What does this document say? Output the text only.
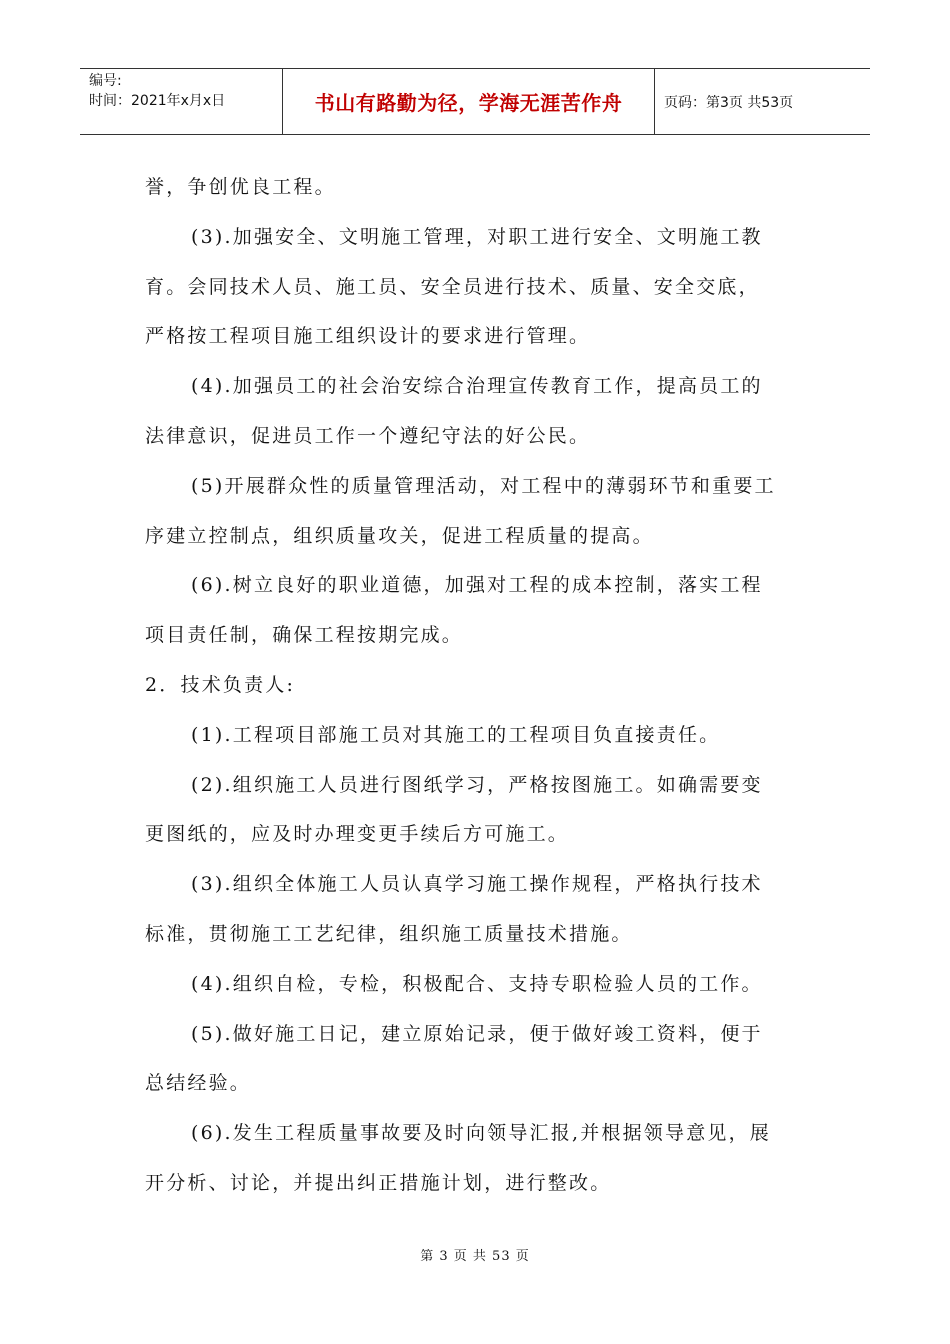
编号:
时间：2021年x月x日	书山有路勤为径，学海无涯苦作舟	页码：第3页 共53页
誉，争创优良工程。
(3).加强安全、文明施工管理，对职工进行安全、文明施工教
育。会同技术人员、施工员、安全员进行技术、质量、安全交底，
严格按工程项目施工组织设计的要求进行管理。
(4).加强员工的社会治安综合治理宣传教育工作，提高员工的
法律意识，促进员工作一个遵纪守法的好公民。
(5)开展群众性的质量管理活动，对工程中的薄弱环节和重要工
序建立控制点，组织质量攻关，促进工程质量的提高。
(6).树立良好的职业道德，加强对工程的成本控制，落实工程
项目责任制，确保工程按期完成。
2．技术负责人:
(1).工程项目部施工员对其施工的工程项目负直接责任。
(2).组织施工人员进行图纸学习，严格按图施工。如确需要变
更图纸的，应及时办理变更手续后方可施工。
(3).组织全体施工人员认真学习施工操作规程，严格执行技术
标准，贯彻施工工艺纪律，组织施工质量技术措施。
(4).组织自检，专检，积极配合、支持专职检验人员的工作。
(5).做好施工日记，建立原始记录，便于做好竣工资料，便于
总结经验。
(6).发生工程质量事故要及时向领导汇报,并根据领导意见，展
开分析、讨论，并提出纠正措施计划，进行整改。
第 3 页 共 53 页
